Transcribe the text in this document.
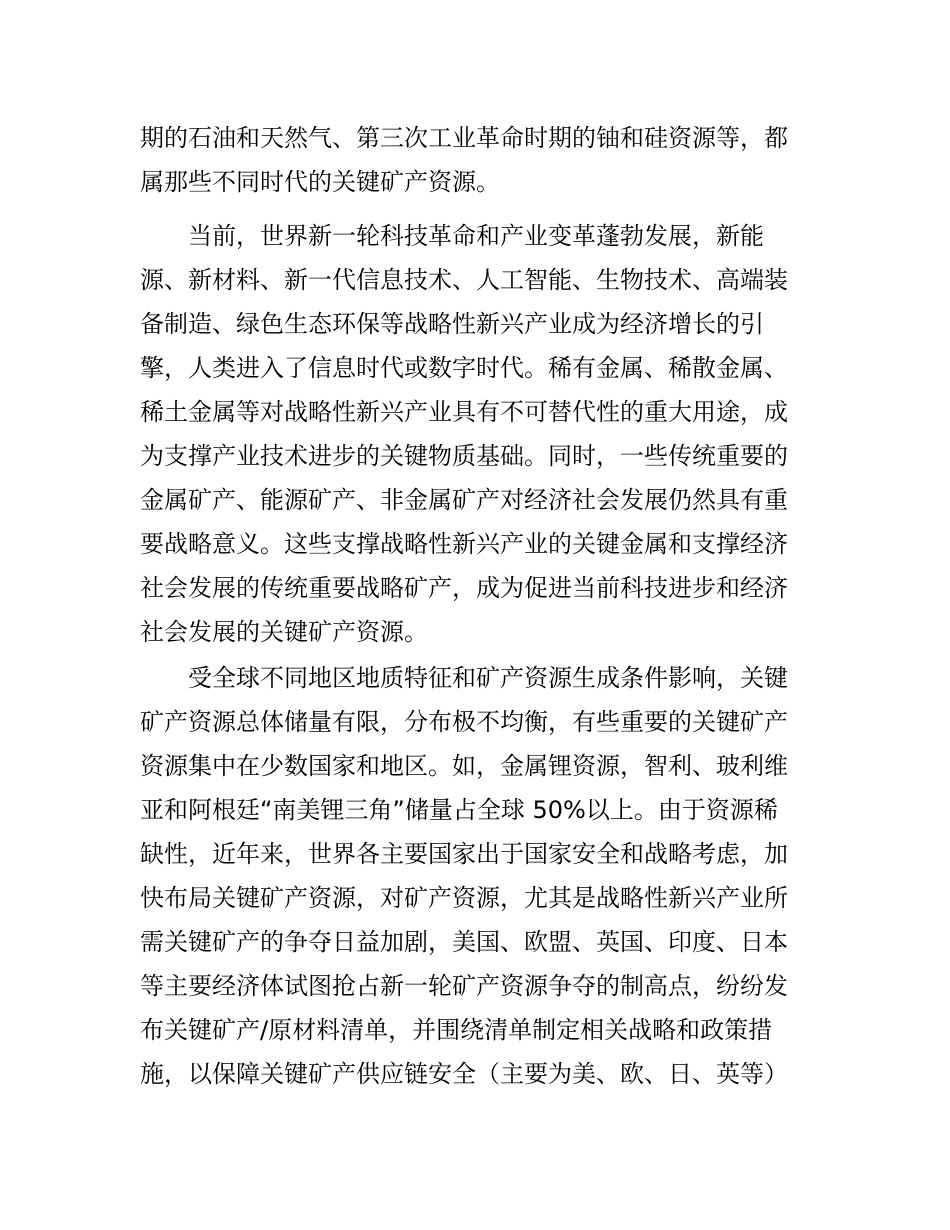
期的石油和天然气、第三次工业革命时期的铀和硅资源等，都
属那些不同时代的关键矿产资源。
当前，世界新一轮科技革命和产业变革蓬勃发展，新能
源、新材料、新一代信息技术、人工智能、生物技术、高端装
备制造、绿色生态环保等战略性新兴产业成为经济增长的引
擎，人类进入了信息时代或数字时代。稀有金属、稀散金属、
稀土金属等对战略性新兴产业具有不可替代性的重大用途，成
为支撑产业技术进步的关键物质基础。同时，一些传统重要的
金属矿产、能源矿产、非金属矿产对经济社会发展仍然具有重
要战略意义。这些支撑战略性新兴产业的关键金属和支撑经济
社会发展的传统重要战略矿产，成为促进当前科技进步和经济
社会发展的关键矿产资源。
受全球不同地区地质特征和矿产资源生成条件影响，关键
矿产资源总体储量有限，分布极不均衡，有些重要的关键矿产
资源集中在少数国家和地区。如，金属锂资源，智利、玻利维
亚和阿根廷“南美锂三角”储量占全球 50%以上。由于资源稀
缺性，近年来，世界各主要国家出于国家安全和战略考虑，加
快布局关键矿产资源，对矿产资源，尤其是战略性新兴产业所
需关键矿产的争夺日益加剧，美国、欧盟、英国、印度、日本
等主要经济体试图抢占新一轮矿产资源争夺的制高点，纷纷发
布关键矿产/原材料清单，并围绕清单制定相关战略和政策措
施，以保障关键矿产供应链安全（主要为美、欧、日、英等）
